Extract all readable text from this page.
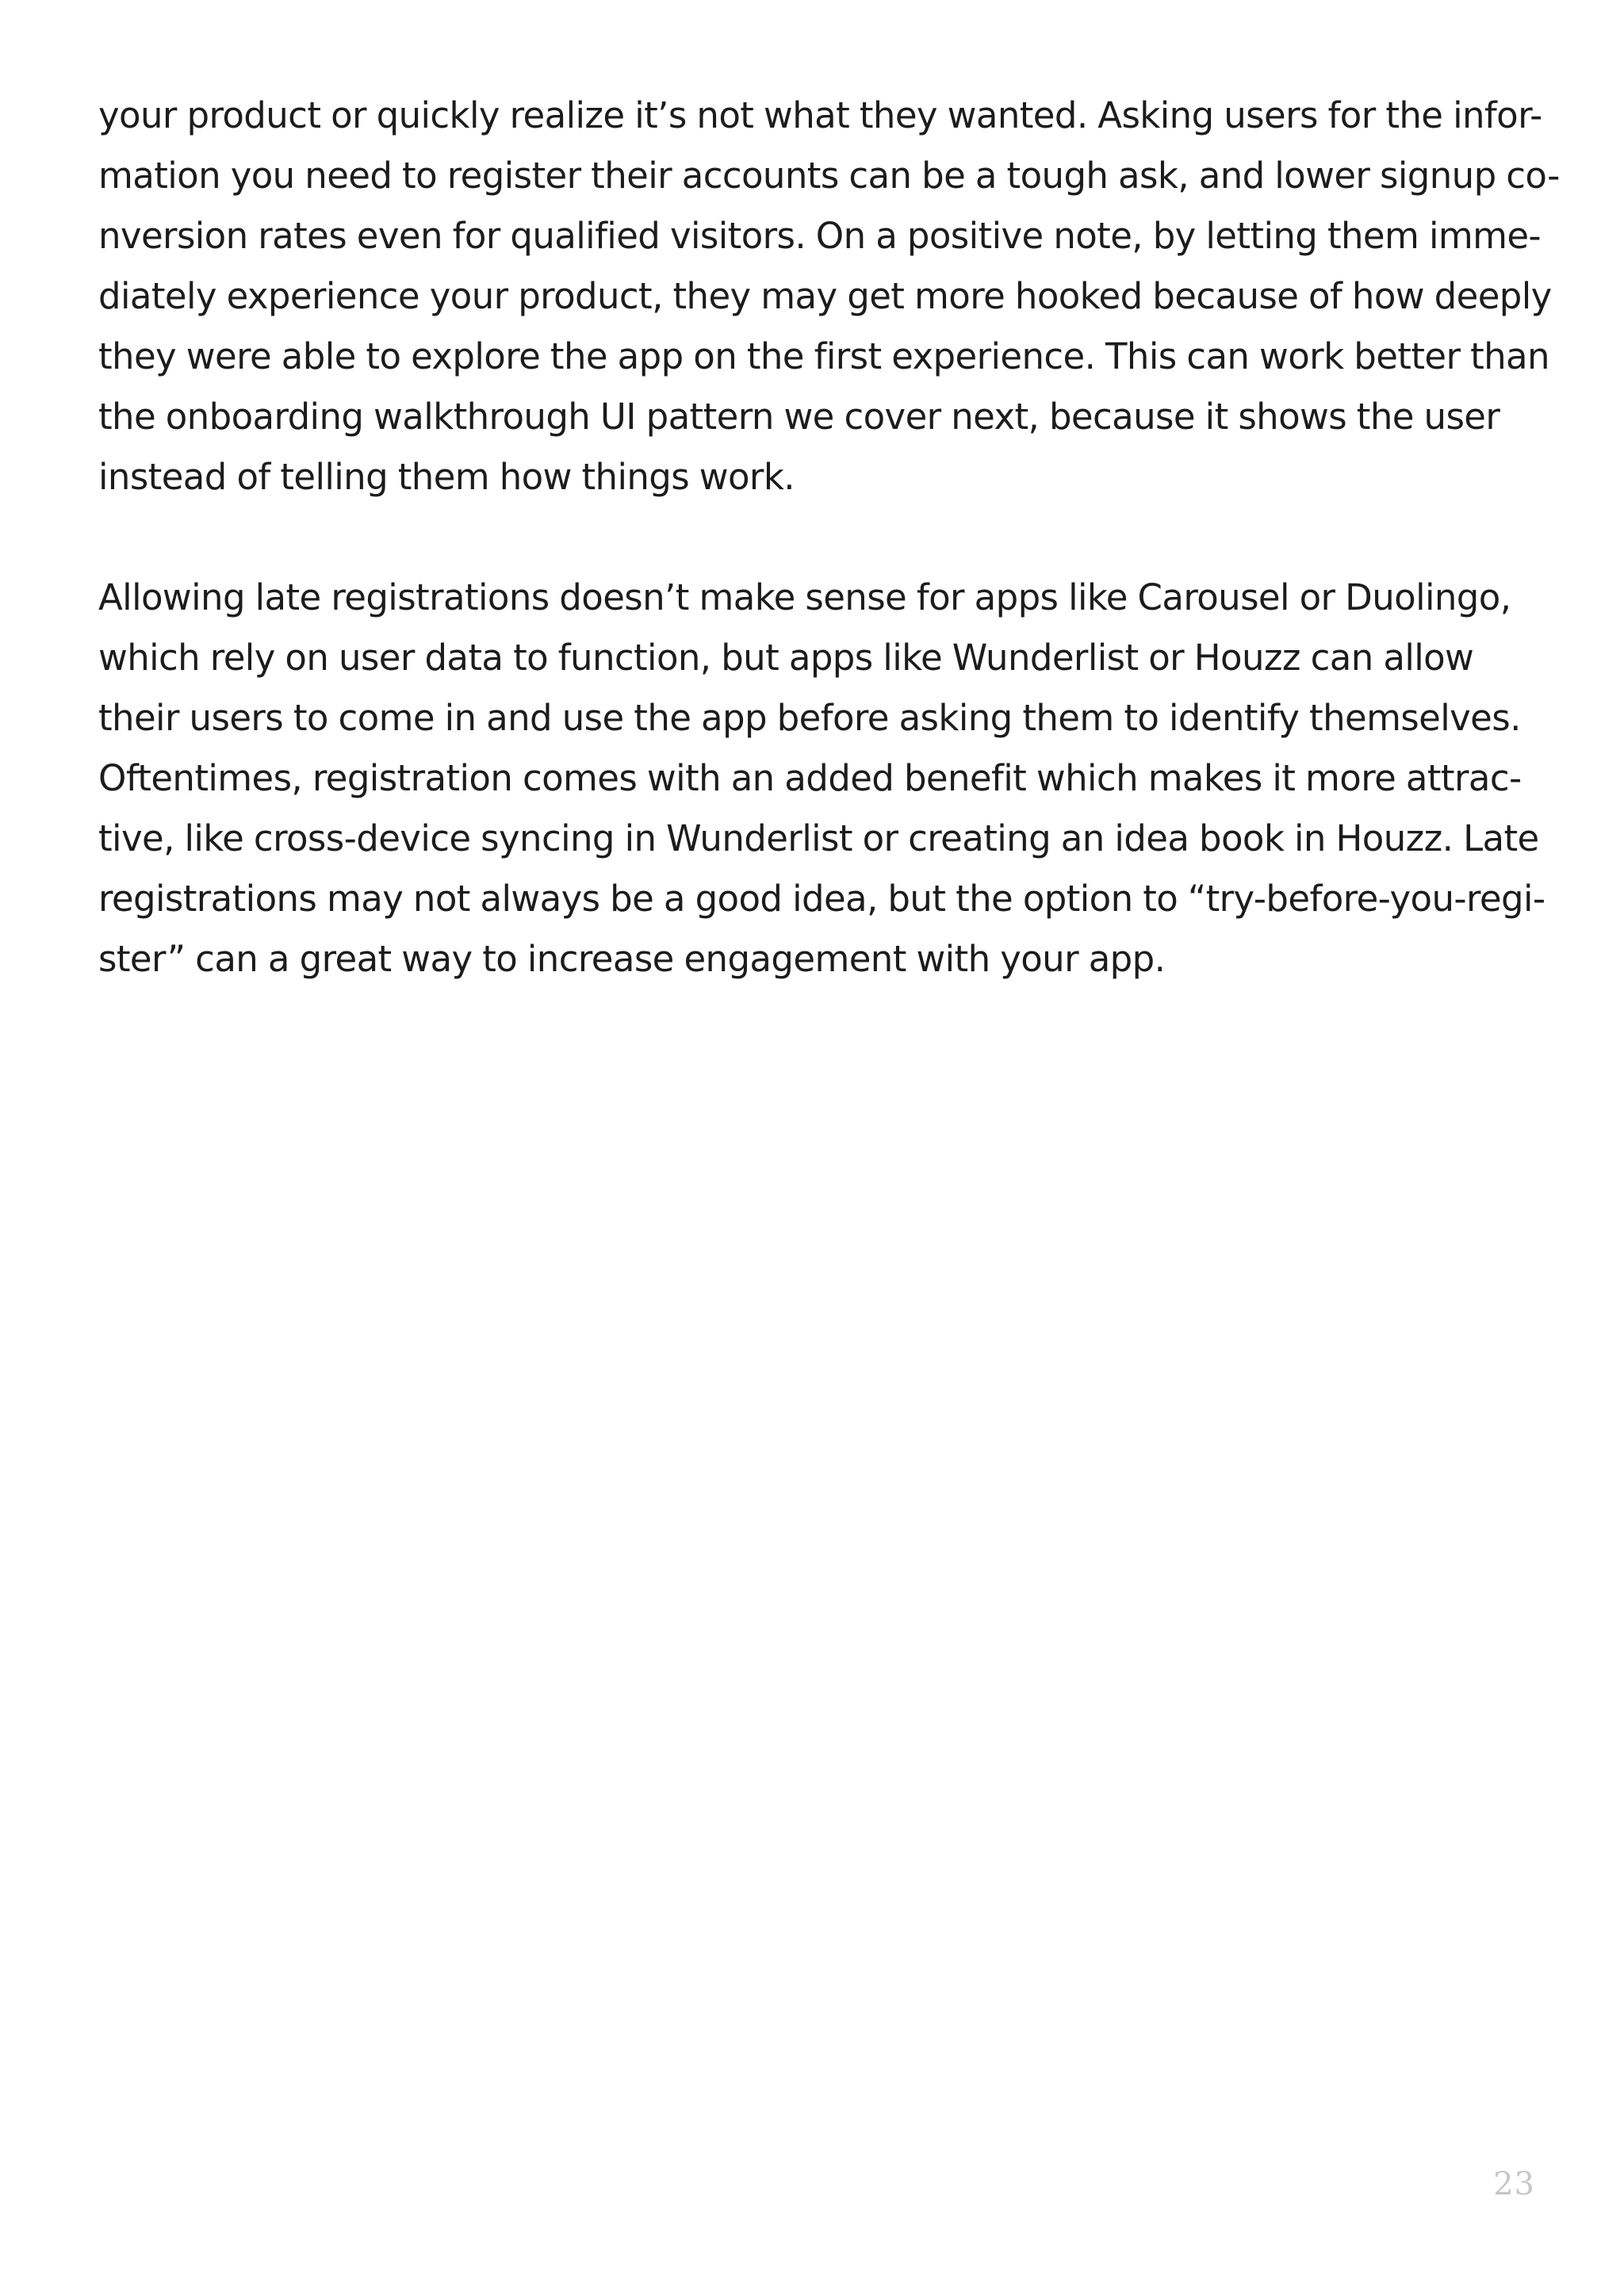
your product or quickly realize it’s not what they wanted. Asking users for the infor-
mation you need to register their accounts can be a tough ask, and lower signup co-
nversion rates even for qualified visitors. On a positive note, by letting them imme-
diately experience your product, they may get more hooked because of how deeply
they were able to explore the app on the first experience. This can work better than
the onboarding walkthrough UI pattern we cover next, because it shows the user
instead of telling them how things work.
Allowing late registrations doesn’t make sense for apps like Carousel or Duolingo,
which rely on user data to function, but apps like Wunderlist or Houzz can allow
their users to come in and use the app before asking them to identify themselves.
Oftentimes, registration comes with an added benefit which makes it more attrac-
tive, like cross-device syncing in Wunderlist or creating an idea book in Houzz. Late
registrations may not always be a good idea, but the option to “try-before-you-regi-
ster” can a great way to increase engagement with your app.
23
